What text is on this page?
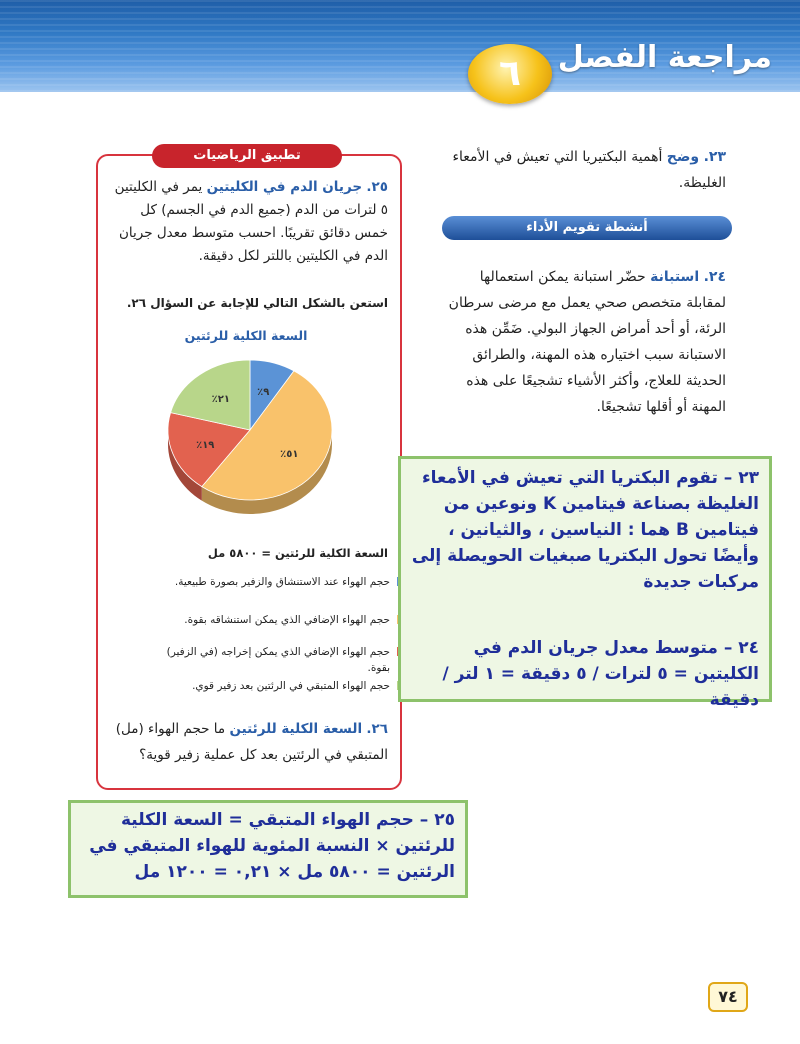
مراجعة الفصل
٦
٢٣. وضح أهمية البكتيريا التي تعيش في الأمعاء الغليظة.
أنشطة تقويم الأداء
٢٤. استبانة حضّر استبانة يمكن استعمالها لمقابلة متخصص صحي يعمل مع مرضى سرطان الرئة، أو أحد أمراض الجهاز البولي. ضَمِّن هذه الاستبانة سبب اختياره هذه المهنة، والطرائق الحديثة للعلاج، وأكثر الأشياء تشجيعًا على هذه المهنة أو أقلها تشجيعًا.
تطبيق الرياضيات
٢٥. جريان الدم في الكليتين يمر في الكليتين ٥ لترات من الدم (جميع الدم في الجسم) كل خمس دقائق تقريبًا. احسب متوسط معدل جريان الدم في الكليتين باللتر لكل دقيقة.
استعن بالشكل التالي للإجابة عن السؤال ٢٦.
السعة الكلية للرئتين
٪٩
٪٥١
٪١٩
٪٢١
السعة الكلية للرئتين = ٥٨٠٠ مل
حجم الهواء عند الاستنشاق والزفير بصورة طبيعية.
حجم الهواء الإضافي الذي يمكن استنشاقه بقوة.
حجم الهواء الإضافي الذي يمكن إخراجه (في الزفير) بقوة.
حجم الهواء المتبقي في الرئتين بعد زفير قوي.
٢٦. السعة الكلية للرئتين ما حجم الهواء (مل) المتبقي في الرئتين بعد كل عملية زفير قوية؟
٢٣ – تقوم البكتريا التي تعيش في الأمعاء الغليظة بصناعة فيتامين K ونوعين من فيتامين B هما : النياسين ، والثيانين ، وأيضًا تحول البكتريا صبغيات الحويصلة إلى مركبات جديدة
٢٤ – متوسط معدل جريان الدم في الكليتين = ٥ لترات / ٥ دقيقة = ١ لتر / دقيقة
٢٥ – حجم الهواء المتبقي = السعة الكلية للرئتين × النسبة المئوية للهواء المتبقي في الرئتين = ٥٨٠٠ مل × ٠,٢١ = ١٢٠٠ مل
٧٤
